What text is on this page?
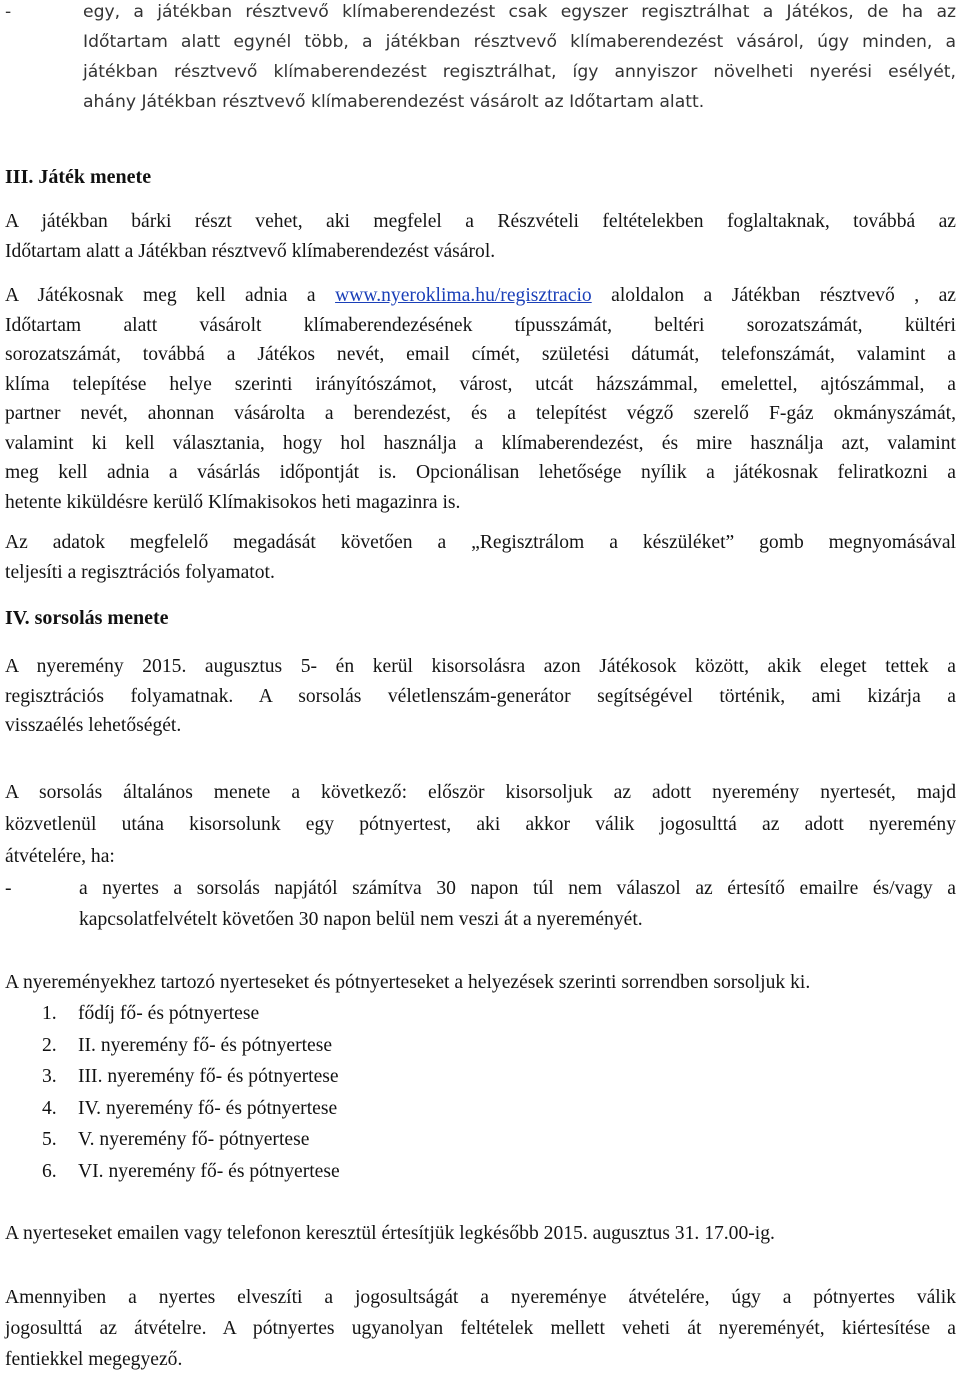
-	egy, a játékban résztvevő klímaberendezést csak egyszer regisztrálhat a Játékos, de ha az
Időtartam alatt egynél több, a játékban résztvevő klímaberendezést vásárol, úgy minden, a
játékban résztvevő klímaberendezést regisztrálhat, így annyiszor növelheti nyerési esélyét,
ahány Játékban résztvevő klímaberendezést vásárolt az Időtartam alatt.
III. Játék menete
A játékban bárki részt vehet, aki megfelel a Részvételi feltételekben foglaltaknak, továbbá az
Időtartam alatt a Játékban résztvevő klímaberendezést vásárol.
A Játékosnak meg kell adnia a www.nyeroklima.hu/regisztracio aloldalon a Játékban résztvevő , az
Időtartam alatt vásárolt klímaberendezésének típusszámát, beltéri sorozatszámát, kültéri
sorozatszámát, továbbá a Játékos nevét, email címét, születési dátumát, telefonszámát, valamint a
klíma telepítése helye szerinti irányítószámot, várost, utcát házszámmal, emelettel, ajtószámmal, a
partner nevét, ahonnan vásárolta a berendezést, és a telepítést végző szerelő F-gáz okmányszámát,
valamint ki kell választania, hogy hol használja a klímaberendezést, és mire használja azt, valamint
meg kell adnia a vásárlás időpontját is. Opcionálisan lehetősége nyílik a játékosnak feliratkozni a
hetente kiküldésre kerülő Klímakisokos heti magazinra is.
Az adatok megfelelő megadását követően a „Regisztrálom a készüléket” gomb megnyomásával
teljesíti a regisztrációs folyamatot.
IV. sorsolás menete
A nyeremény 2015. augusztus 5- én kerül kisorsolásra azon Játékosok között, akik eleget tettek a
regisztrációs folyamatnak. A sorsolás véletlenszám-generátor segítségével történik, ami kizárja a
visszaélés lehetőségét.
A sorsolás általános menete a következő: először kisorsoljuk az adott nyeremény nyertesét, majd
közvetlenül utána kisorsolunk egy pótnyertest, aki akkor válik jogosulttá az adott nyeremény
átvételére, ha:
-	a nyertes a sorsolás napjától számítva 30 napon túl nem válaszol az értesítő emailre és/vagy a
kapcsolatfelvételt követően 30 napon belül nem veszi át a nyereményét.
A nyereményekhez tartozó nyerteseket és pótnyerteseket a helyezések szerinti sorrendben sorsoljuk ki.
1. fődíj fő- és pótnyertese
2. II. nyeremény fő- és pótnyertese
3. III. nyeremény fő- és pótnyertese
4. IV. nyeremény fő- és pótnyertese
5. V. nyeremény fő- pótnyertese
6. VI. nyeremény fő- és pótnyertese
A nyerteseket emailen vagy telefonon keresztül értesítjük legkésőbb 2015. augusztus 31. 17.00-ig.
Amennyiben a nyertes elveszíti a jogosultságát a nyereménye átvételére, úgy a pótnyertes válik
jogosulttá az átvételre. A pótnyertes ugyanolyan feltételek mellett veheti át nyereményét, kiértesítése a
fentiekkel megegyező.
